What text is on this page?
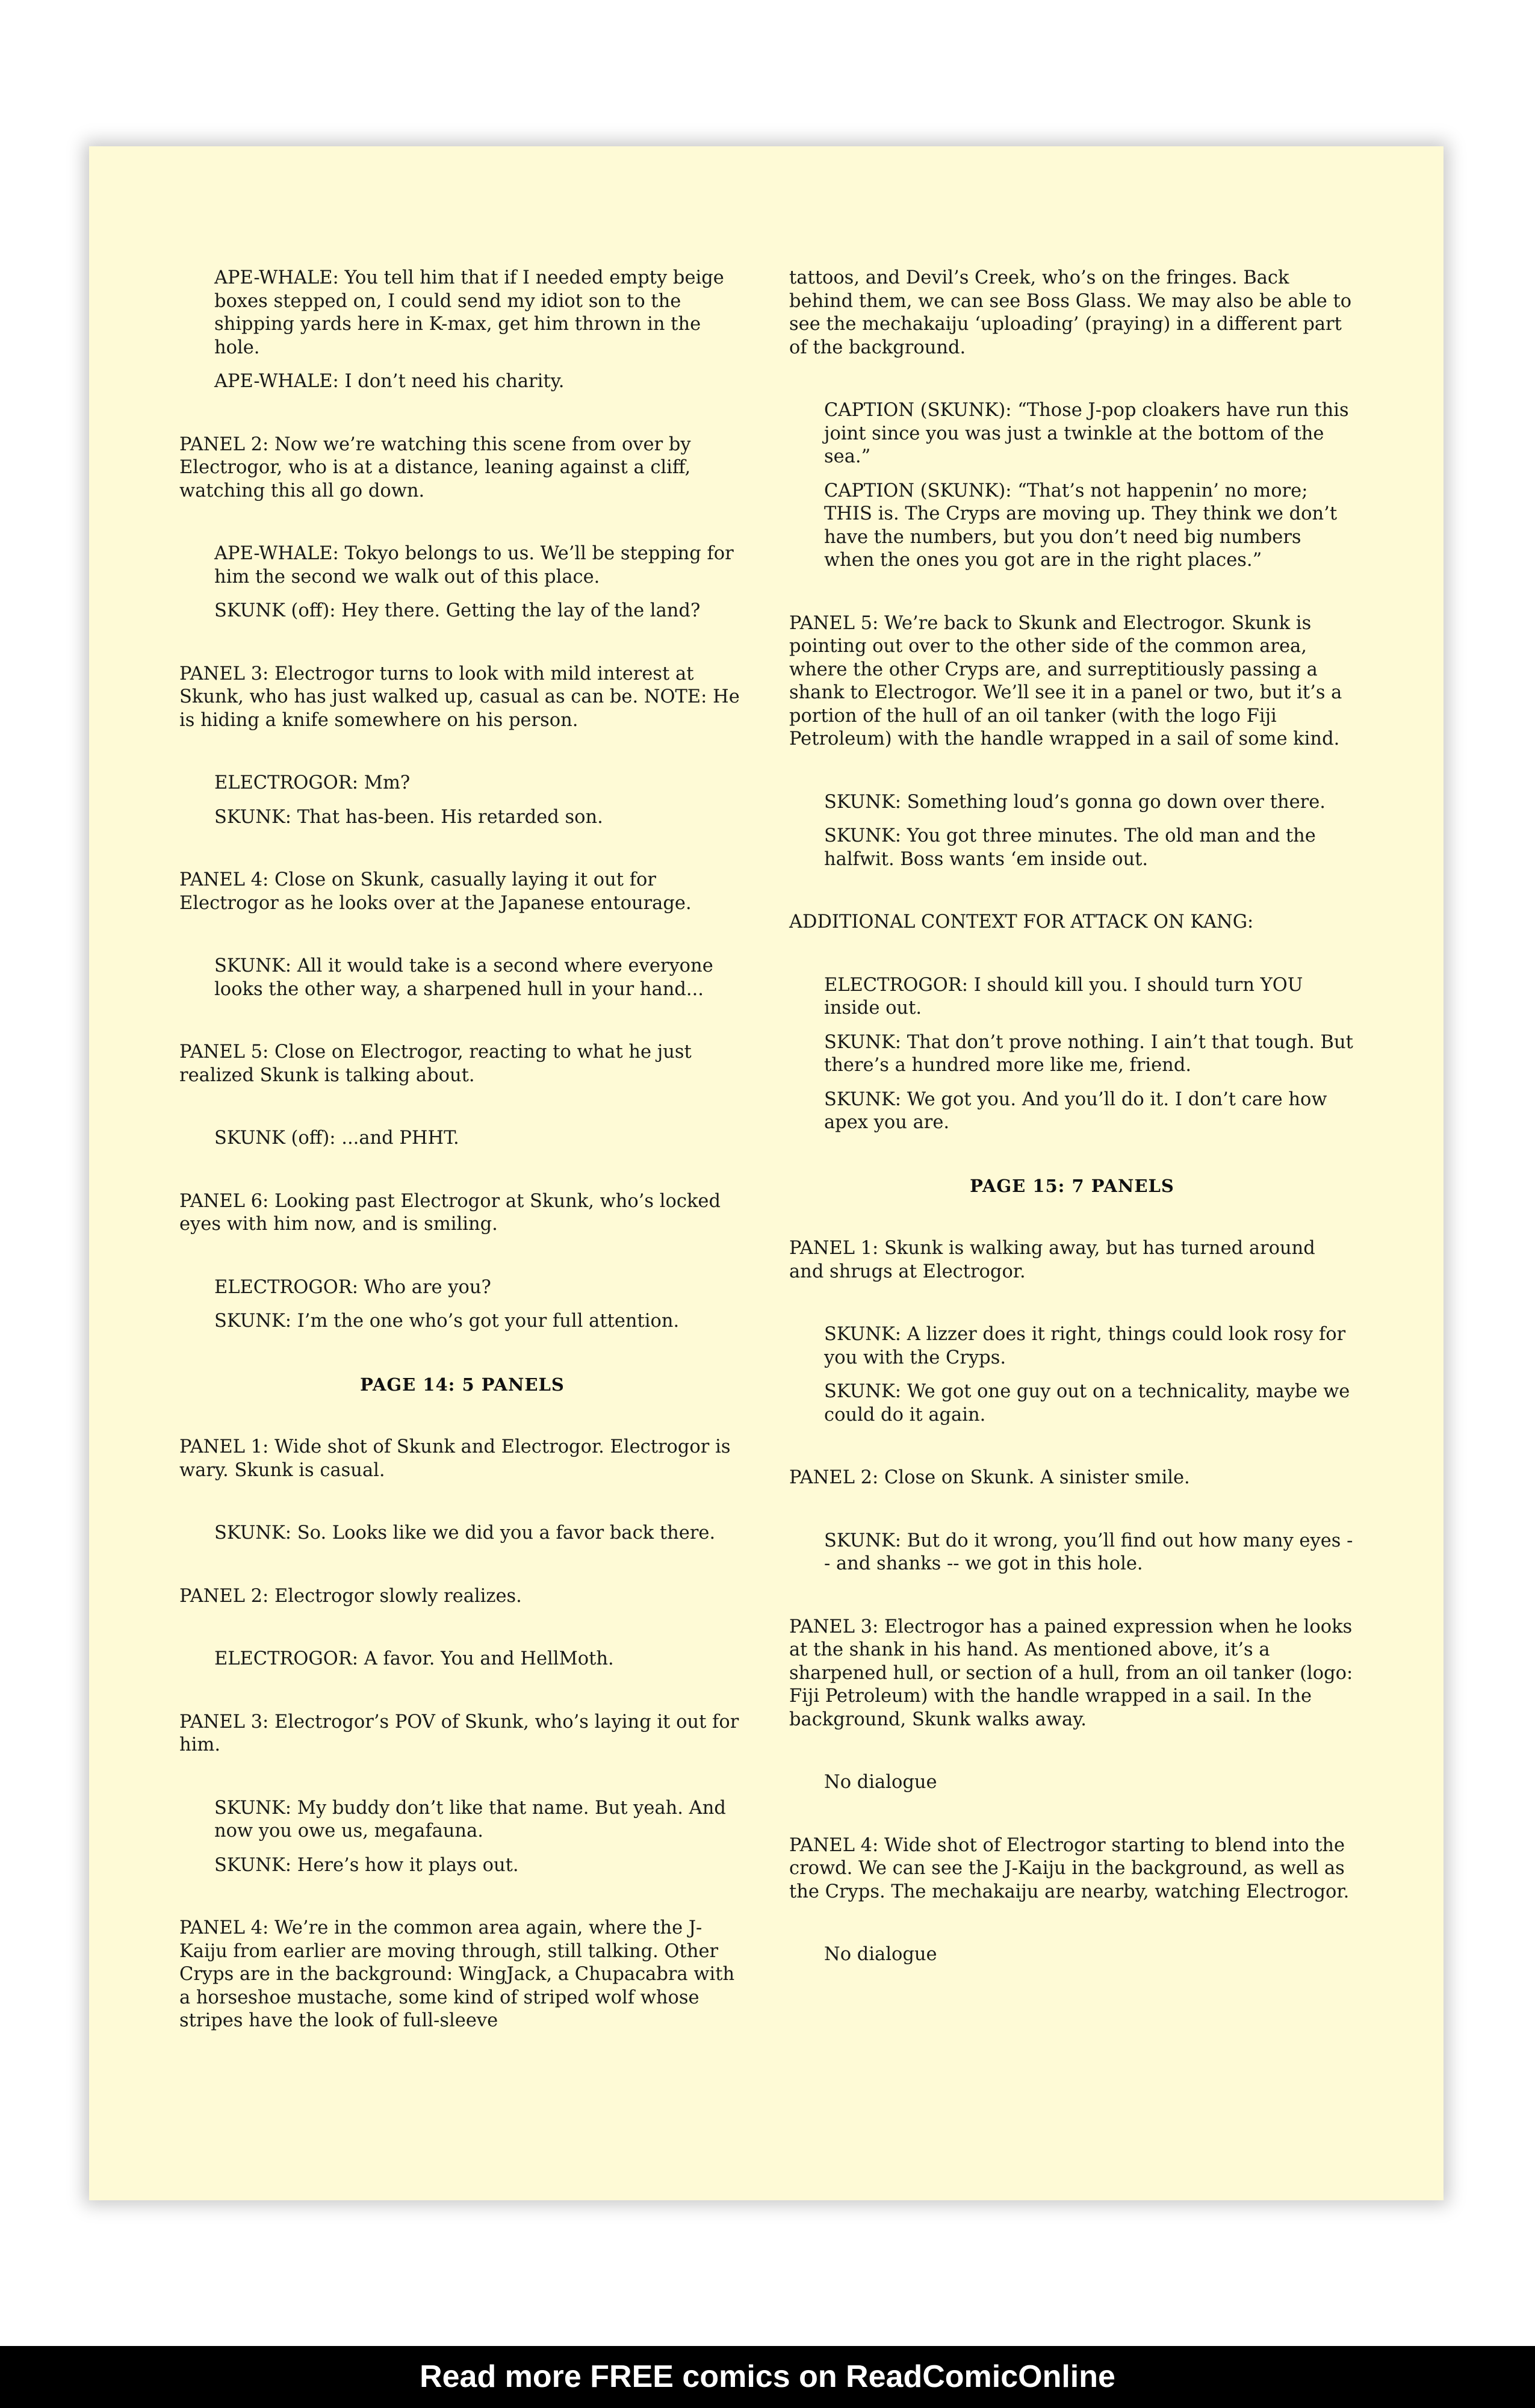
APE-WHALE: You tell him that if I needed empty beige boxes stepped on, I could send my idiot son to the shipping yards here in K-max, get him thrown in the hole.

APE-WHALE: I don’t need his charity.

PANEL 2: Now we’re watching this scene from over by Electrogor, who is at a distance, leaning against a cliff, watching this all go down.

APE-WHALE: Tokyo belongs to us. We’ll be stepping for him the second we walk out of this place.

SKUNK (off): Hey there. Getting the lay of the land?

PANEL 3: Electrogor turns to look with mild interest at Skunk, who has just walked up, casual as can be. NOTE: He is hiding a knife somewhere on his person.

ELECTROGOR: Mm?

SKUNK: That has-been. His retarded son.

PANEL 4: Close on Skunk, casually laying it out for Electrogor as he looks over at the Japanese entourage.

SKUNK: All it would take is a second where everyone looks the other way, a sharpened hull in your hand...

PANEL 5: Close on Electrogor, reacting to what he just realized Skunk is talking about.

SKUNK (off): ...and PHHT.

PANEL 6: Looking past Electrogor at Skunk, who’s locked eyes with him now, and is smiling.

ELECTROGOR: Who are you?

SKUNK: I’m the one who’s got your full attention.

PAGE 14: 5 PANELS

PANEL 1: Wide shot of Skunk and Electrogor. Electrogor is wary. Skunk is casual.

SKUNK: So. Looks like we did you a favor back there.

PANEL 2: Electrogor slowly realizes.

ELECTROGOR: A favor. You and HellMoth.

PANEL 3: Electrogor’s POV of Skunk, who’s laying it out for him.

SKUNK: My buddy don’t like that name. But yeah. And now you owe us, megafauna.

SKUNK: Here’s how it plays out.

PANEL 4: We’re in the common area again, where the J-Kaiju from earlier are moving through, still talking. Other Cryps are in the background: WingJack, a Chupacabra with a horseshoe mustache, some kind of striped wolf whose stripes have the look of full-sleeve

tattoos, and Devil’s Creek, who’s on the fringes. Back behind them, we can see Boss Glass. We may also be able to see the mechakaiju ‘uploading’ (praying) in a different part of the background.

CAPTION (SKUNK): “Those J-pop cloakers have run this joint since you was just a twinkle at the bottom of the sea.”

CAPTION (SKUNK): “That’s not happenin’ no more; THIS is. The Cryps are moving up. They think we don’t have the numbers, but you don’t need big numbers when the ones you got are in the right places.”

PANEL 5: We’re back to Skunk and Electrogor. Skunk is pointing out over to the other side of the common area, where the other Cryps are, and surreptitiously passing a shank to Electrogor. We’ll see it in a panel or two, but it’s a portion of the hull of an oil tanker (with the logo Fiji Petroleum) with the handle wrapped in a sail of some kind.

SKUNK: Something loud’s gonna go down over there.

SKUNK: You got three minutes. The old man and the halfwit. Boss wants ‘em inside out.

ADDITIONAL CONTEXT FOR ATTACK ON KANG:

ELECTROGOR: I should kill you. I should turn YOU inside out.

SKUNK: That don’t prove nothing. I ain’t that tough. But there’s a hundred more like me, friend.

SKUNK: We got you. And you’ll do it. I don’t care how apex you are.

PAGE 15: 7 PANELS

PANEL 1: Skunk is walking away, but has turned around and shrugs at Electrogor.

SKUNK: A lizzer does it right, things could look rosy for you with the Cryps.

SKUNK: We got one guy out on a technicality, maybe we could do it again.

PANEL 2: Close on Skunk. A sinister smile.

SKUNK: But do it wrong, you’ll find out how many eyes -- and shanks -- we got in this hole.

PANEL 3: Electrogor has a pained expression when he looks at the shank in his hand. As mentioned above, it’s a sharpened hull, or section of a hull, from an oil tanker (logo: Fiji Petroleum) with the handle wrapped in a sail. In the background, Skunk walks away.

No dialogue

PANEL 4: Wide shot of Electrogor starting to blend into the crowd. We can see the J-Kaiju in the background, as well as the Cryps. The mechakaiju are nearby, watching Electrogor.

No dialogue

Read more FREE comics on ReadComicOnline
